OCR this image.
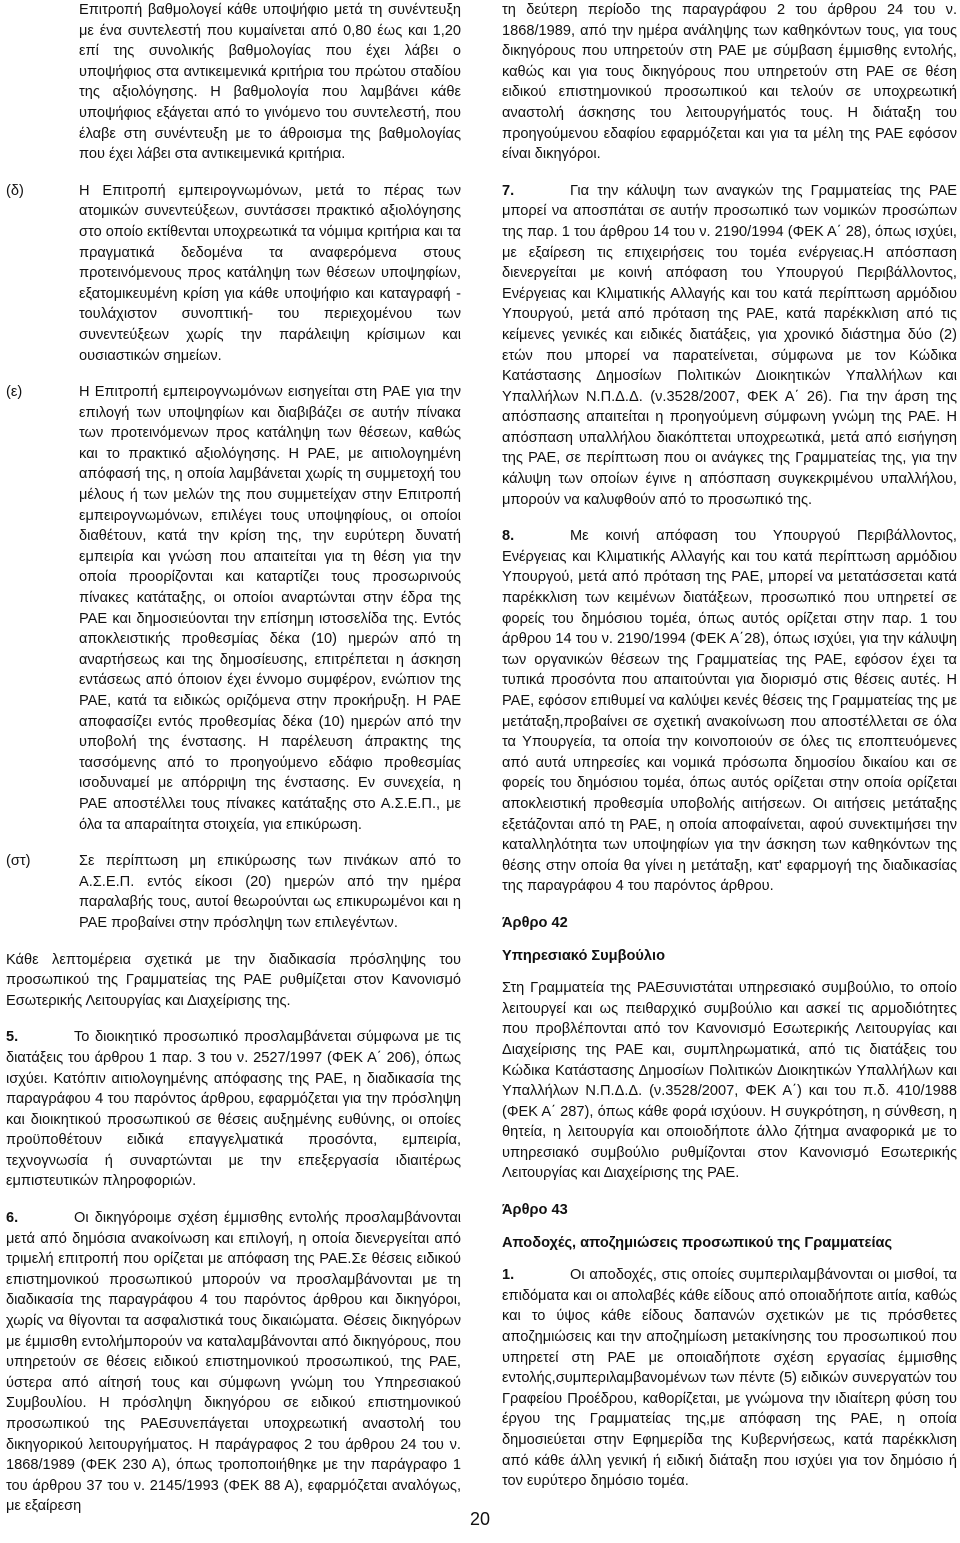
Επιτροπή βαθμολογεί κάθε υποψήφιο μετά τη συνέντευξη με ένα συντελεστή που κυμαίνεται από 0,80 έως και 1,20 επί της συνολικής βαθμολογίας που έχει λάβει ο υποψήφιος στα αντικειμενικά κριτήρια του πρώτου σταδίου της αξιολόγησης. Η βαθμολογία που λαμβάνει κάθε υποψήφιος εξάγεται από το γινόμενο του συντελεστή, που έλαβε στη συνέντευξη με το άθροισμα της βαθμολογίας που έχει λάβει στα αντικειμενικά κριτήρια.

(δ)	Η Επιτροπή εμπειρογνωμόνων, μετά το πέρας των ατομικών συνεντεύξεων, συντάσσει πρακτικό αξιολόγησης στο οποίο εκτίθενται υποχρεωτικά τα νόμιμα κριτήρια και τα πραγματικά δεδομένα τα αναφερόμενα στους προτεινόμενους προς κατάληψη των θέσεων υποψηφίων, εξατομικευμένη κρίση για κάθε υποψήφιο και καταγραφή - τουλάχιστον συνοπτική- του περιεχομένου των συνεντεύξεων χωρίς την παράλειψη κρίσιμων και ουσιαστικών σημείων.
(ε)	Η Επιτροπή εμπειρογνωμόνων εισηγείται στη ΡΑΕ για την επιλογή των υποψηφίων και διαβιβάζει σε αυτήν πίνακα των προτεινόμενων προς κατάληψη των θέσεων, καθώς και το πρακτικό αξιολόγησης. Η ΡΑΕ, με αιτιολογημένη απόφασή της, η οποία λαμβάνεται χωρίς τη συμμετοχή του μέλους ή των μελών της που συμμετείχαν στην Επιτροπή εμπειρογνωμόνων, επιλέγει τους υποψηφίους, οι οποίοι διαθέτουν, κατά την κρίση της, την ευρύτερη δυνατή εμπειρία και γνώση που απαιτείται για τη θέση για την οποία προορίζονται και καταρτίζει τους προσωρινούς πίνακες κατάταξης, οι οποίοι αναρτώνται στην έδρα της ΡΑΕ και δημοσιεύονται την επίσημη ιστοσελίδα της. Εντός αποκλειστικής προθεσμίας δέκα (10) ημερών από τη αναρτήσεως και της δημοσίευσης, επιτρέπεται η άσκηση εντάσεως από όποιον έχει έννομο συμφέρον, ενώπιον της ΡΑΕ, κατά τα ειδικώς οριζόμενα στην προκήρυξη. Η ΡΑΕ αποφασίζει εντός προθεσμίας δέκα (10) ημερών από την υποβολή της ένστασης. Η παρέλευση άπρακτης της τασσόμενης από το προηγούμενο εδάφιο προθεσμίας ισοδυναμεί με απόρριψη της ένστασης. Εν συνεχεία, η ΡΑΕ αποστέλλει τους πίνακες κατάταξης στο Α.Σ.Ε.Π., με όλα τα απαραίτητα στοιχεία, για επικύρωση.
(στ)	Σε περίπτωση μη επικύρωσης των πινάκων από το Α.Σ.Ε.Π. εντός είκοσι (20) ημερών από την ημέρα παραλαβής τους, αυτοί θεωρούνται ως επικυρωμένοι και η ΡΑΕ προβαίνει στην πρόσληψη των επιλεγέντων.

Κάθε λεπτομέρεια σχετικά με την διαδικασία πρόσληψης του προσωπικού της Γραμματείας της ΡΑΕ ρυθμίζεται στον Κανονισμό Εσωτερικής Λειτουργίας και Διαχείρισης της.

5.	Το διοικητικό προσωπικό προσλαμβάνεται σύμφωνα με τις διατάξεις του άρθρου 1 παρ. 3 του ν. 2527/1997 (ΦΕΚ Α΄ 206), όπως ισχύει. Κατόπιν αιτιολογημένης απόφασης της ΡΑΕ, η διαδικασία της παραγράφου 4 του παρόντος άρθρου, εφαρμόζεται για την πρόσληψη και διοικητικού προσωπικού σε θέσεις αυξημένης ευθύνης, οι οποίες προϋποθέτουν ειδικά επαγγελματικά προσόντα, εμπειρία, τεχνογνωσία ή συναρτώνται με την επεξεργασία ιδιαιτέρως εμπιστευτικών πληροφοριών.

6.	Οι δικηγόροιμε σχέση έμμισθης εντολής προσλαμβάνονται μετά από δημόσια ανακοίνωση και επιλογή, η οποία διενεργείται από τριμελή επιτροπή που ορίζεται με απόφαση της ΡΑΕ.Σε θέσεις ειδικού επιστημονικού προσωπικού μπορούν να προσλαμβάνονται με τη διαδικασία της παραγράφου 4 του παρόντος άρθρου και δικηγόροι, χωρίς να θίγονται τα ασφαλιστικά τους δικαιώματα. Θέσεις δικηγόρων με έμμισθη εντολήμπορούν να καταλαμβάνονται από δικηγόρους, που υπηρετούν σε θέσεις ειδικού επιστημονικού προσωπικού, της ΡΑΕ, ύστερα από αίτησή τους και σύμφωνη γνώμη του Υπηρεσιακού Συμβουλίου. Η πρόσληψη δικηγόρου σε ειδικού επιστημονικού προσωπικού της ΡΑΕσυνεπάγεται υποχρεωτική αναστολή του δικηγορικού λειτουργήματος. Η παράγραφος 2 του άρθρου 24 του ν. 1868/1989 (ΦΕΚ 230 Α), όπως τροποποιήθηκε με την παράγραφο 1 του άρθρου 37 του ν. 2145/1993 (ΦΕΚ 88 Α), εφαρμόζεται αναλόγως, με εξαίρεση

τη δεύτερη περίοδο της παραγράφου 2 του άρθρου 24 του ν. 1868/1989, από την ημέρα ανάληψης των καθηκόντων τους, για τους δικηγόρους που υπηρετούν στη ΡΑΕ με σύμβαση έμμισθης εντολής, καθώς και για τους δικηγόρους που υπηρετούν στη ΡΑΕ σε θέση ειδικού επιστημονικού προσωπικού και τελούν σε υποχρεωτική αναστολή άσκησης του λειτουργήματός τους. Η διάταξη του προηγούμενου εδαφίου εφαρμόζεται και για τα μέλη της ΡΑΕ εφόσον είναι δικηγόροι.

7.	Για την κάλυψη των αναγκών της Γραμματείας της ΡΑΕ μπορεί να αποσπάται σε αυτήν προσωπικό των νομικών προσώπων της παρ. 1 του άρθρου 14 του ν. 2190/1994 (ΦΕΚ Α΄ 28), όπως ισχύει, με εξαίρεση τις επιχειρήσεις του τομέα ενέργειας.Η απόσπαση διενεργείται με κοινή απόφαση του Υπουργού Περιβάλλοντος, Ενέργειας και Κλιματικής Αλλαγής και του κατά περίπτωση αρμόδιου Υπουργού, μετά από πρόταση της ΡΑΕ, κατά παρέκκλιση από τις κείμενες γενικές και ειδικές διατάξεις, για χρονικό διάστημα δύο (2) ετών που μπορεί να παρατείνεται, σύμφωνα με τον Κώδικα Κατάστασης Δημοσίων Πολιτικών Διοικητικών Υπαλλήλων και Υπαλλήλων Ν.Π.Δ.Δ. (ν.3528/2007, ΦΕΚ Α΄ 26). Για την άρση της απόσπασης απαιτείται η προηγούμενη σύμφωνη γνώμη της ΡΑΕ. Η απόσπαση υπαλλήλου διακόπτεται υποχρεωτικά, μετά από εισήγηση της ΡΑΕ, σε περίπτωση που οι ανάγκες της Γραμματείας της, για την κάλυψη των οποίων έγινε η απόσπαση συγκεκριμένου υπαλλήλου, μπορούν να καλυφθούν από το προσωπικό της.

8.	Με κοινή απόφαση του Υπουργού Περιβάλλοντος, Ενέργειας και Κλιματικής Αλλαγής και του κατά περίπτωση αρμόδιου Υπουργού, μετά από πρόταση της ΡΑΕ, μπορεί να μετατάσσεται κατά παρέκκλιση των κειμένων διατάξεων, προσωπικό που υπηρετεί σε φορείς του δημόσιου τομέα, όπως αυτός ορίζεται στην παρ. 1 του άρθρου 14 του ν. 2190/1994 (ΦΕΚ Α΄28), όπως ισχύει, για την κάλυψη των οργανικών θέσεων της Γραμματείας της ΡΑΕ, εφόσον έχει τα τυπικά προσόντα που απαιτούνται για διορισμό στις θέσεις αυτές. Η ΡΑΕ, εφόσον επιθυμεί να καλύψει κενές θέσεις της Γραμματείας της με μετάταξη,προβαίνει σε σχετική ανακοίνωση που αποστέλλεται σε όλα τα Υπουργεία, τα οποία την κοινοποιούν σε όλες τις εποπτευόμενες από αυτά υπηρεσίες και νομικά πρόσωπα δημοσίου δικαίου και σε φορείς του δημόσιου τομέα, όπως αυτός ορίζεται στην οποία ορίζεται αποκλειστική προθεσμία υποβολής αιτήσεων. Οι αιτήσεις μετάταξης εξετάζονται από τη ΡΑΕ, η οποία αποφαίνεται, αφού συνεκτιμήσει την καταλληλότητα των υποψηφίων για την άσκηση των καθηκόντων της θέσης στην οποία θα γίνει η μετάταξη, κατ' εφαρμογή της διαδικασίας της παραγράφου 4 του παρόντος άρθρου.

Άρθρο 42

Υπηρεσιακό Συμβούλιο

Στη Γραμματεία της ΡΑΕσυνιστάται υπηρεσιακό συμβούλιο, το οποίο λειτουργεί και ως πειθαρχικό συμβούλιο και ασκεί τις αρμοδιότητες που προβλέπονται από τον Κανονισμό Εσωτερικής Λειτουργίας και Διαχείρισης της ΡΑΕ και, συμπληρωματικά, από τις διατάξεις του Κώδικα Κατάστασης Δημοσίων Πολιτικών Διοικητικών Υπαλλήλων και Υπαλλήλων Ν.Π.Δ.Δ. (ν.3528/2007, ΦΕΚ Α΄) και του π.δ. 410/1988 (ΦΕΚ Α΄ 287), όπως κάθε φορά ισχύουν. Η συγκρότηση, η σύνθεση, η θητεία, η λειτουργία και οποιοδήποτε άλλο ζήτημα αναφορικά με το υπηρεσιακό συμβούλιο ρυθμίζονται στον Κανονισμό Εσωτερικής Λειτουργίας και Διαχείρισης της ΡΑΕ.

Άρθρο 43

Αποδοχές, αποζημιώσεις προσωπικού της Γραμματείας

1.	Οι αποδοχές, στις οποίες συμπεριλαμβάνονται οι μισθοί, τα επιδόματα και οι απολαβές κάθε είδους από οποιαδήποτε αιτία, καθώς και το ύψος κάθε είδους δαπανών σχετικών με τις πρόσθετες αποζημιώσεις και την αποζημίωση μετακίνησης του προσωπικού που υπηρετεί στη ΡΑΕ με οποιαδήποτε σχέση εργασίας έμμισθης εντολής,συμπεριλαμβανομένων των πέντε (5) ειδικών συνεργατών του Γραφείου Προέδρου, καθορίζεται, με γνώμονα την ιδιαίτερη φύση του έργου της Γραμματείας της,με απόφαση της ΡΑΕ, η οποία δημοσιεύεται στην Εφημερίδα της Κυβερνήσεως, κατά παρέκκλιση από κάθε άλλη γενική ή ειδική διάταξη που ισχύει για τον δημόσιο ή τον ευρύτερο δημόσιο τομέα.

20
